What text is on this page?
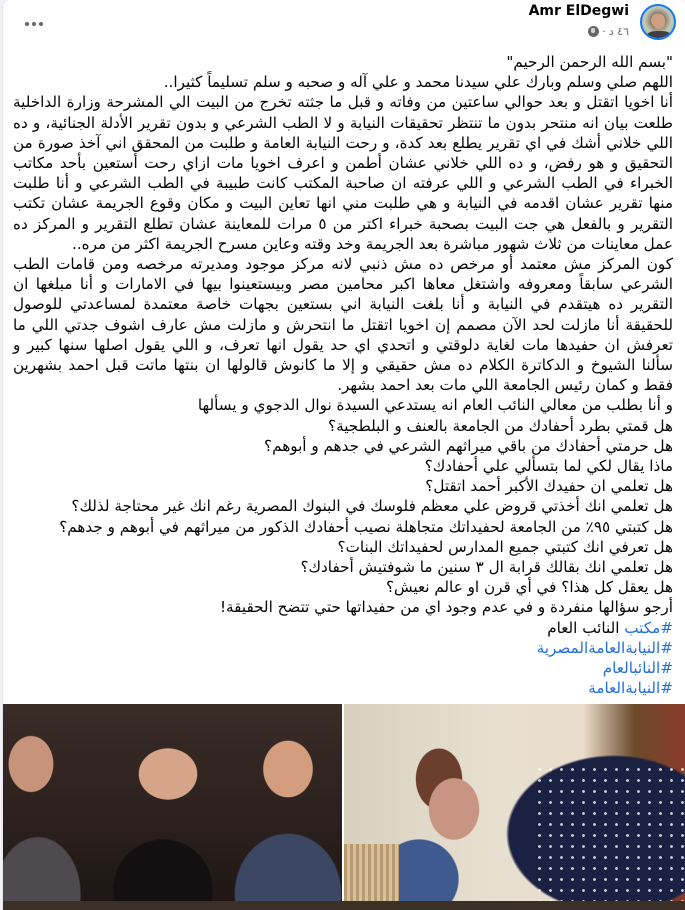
Amr ElDegwi
· ٤٦ د

"بسم الله الرحمن الرحيم"

اللهم صلي وسلم وبارك علي سيدنا محمد و علي آله و صحبه و سلم تسليماً كثيرا..

أنا اخويا اتقتل و بعد حوالي ساعتين من وفاته و قبل ما جثته تخرج من البيت الي المشرحة وزارة الداخلية طلعت بيان انه منتحر بدون ما تنتظر تحقيقات النيابة و لا الطب الشرعي و بدون تقرير الأدلة الجنائية، و ده اللي خلاني أشك في اي تقرير يطلع بعد كدة، و رحت النيابة العامة و طلبت من المحقق اني آخذ صورة من التحقيق و هو رفض، و ده اللي خلاني عشان أطمن و اعرف اخويا مات ازاي رحت أستعين بأحد مكاتب الخبراء في الطب الشرعي و اللي عرفته ان صاحبة المكتب كانت طبيبة في الطب الشرعي و أنا طلبت منها تقرير عشان اقدمه في النيابة و هي طلبت مني انها تعاين البيت و مكان وقوع الجريمة عشان تكتب التقرير و بالفعل هي جت البيت بصحبة خبراء اكتر من ٥ مرات للمعاينة عشان تطلع التقرير و المركز ده عمل معاينات من ثلاث شهور مباشرة بعد الجريمة وخد وقته وعاين مسرح الجريمة اكثر من مره..

كون المركز مش معتمد أو مرخص ده مش ذنبي لانه مركز موجود ومديرته مرخصه ومن قامات الطب الشرعي سابقاً ومعروفه واشتغل معاها اكبر محامين مصر وبيستعينوا بيها في الامارات و أنا مبلغها ان التقرير ده هيتقدم في النيابة و أنا بلغت النيابة اني بستعين بجهات خاصة معتمدة لمساعدتي للوصول للحقيقة أنا مازلت لحد الآن مصمم إن اخويا اتقتل ما انتحرش و مازلت مش عارف اشوف جدتي اللي ما تعرفش ان حفيدها مات لغاية دلوقتي و اتحدي اي حد يقول انها تعرف، و اللي يقول اصلها سنها كبير و سألنا الشيوخ و الدكاترة الكلام ده مش حقيقي و إلا ما كانوش قالولها ان بنتها ماتت قبل احمد بشهرين فقط و كمان رئيس الجامعة اللي مات بعد احمد بشهر.

و أنا بطلب من معالي النائب العام انه يستدعي السيدة نوال الدجوي و يسألها

هل قمتي بطرد أحفادك من الجامعة بالعنف و البلطجية؟

هل حرمتي أحفادك من باقي ميراثهم الشرعي في جدهم و أبوهم؟

ماذا يقال لكي لما بتسألي علي أحفادك؟

هل تعلمي ان حفيدك الأكبر أحمد اتقتل؟

هل تعلمي انك أخذتي قروض علي معظم فلوسك في البنوك المصرية رغم انك غير محتاجة لذلك؟

هل كتبتي ٩٥٪ من الجامعة لحفيداتك متجاهلة نصيب أحفادك الذكور من ميراثهم في أبوهم و جدهم؟

هل تعرفي انك كتبتي جميع المدارس لحفيداتك البنات؟

هل تعلمي انك بقالك قرابة ال ٣ سنين ما شوفتيش أحفادك؟

هل يعقل كل هذا؟ في أي قرن او عالم نعيش؟

أرجو سؤالها منفردة و في عدم وجود اي من حفيداتها حتي تتضح الحقيقة!

#مكتب النائب العام
#النيابةالعامةالمصرية
#النائبالعام
#النيابةالعامة
